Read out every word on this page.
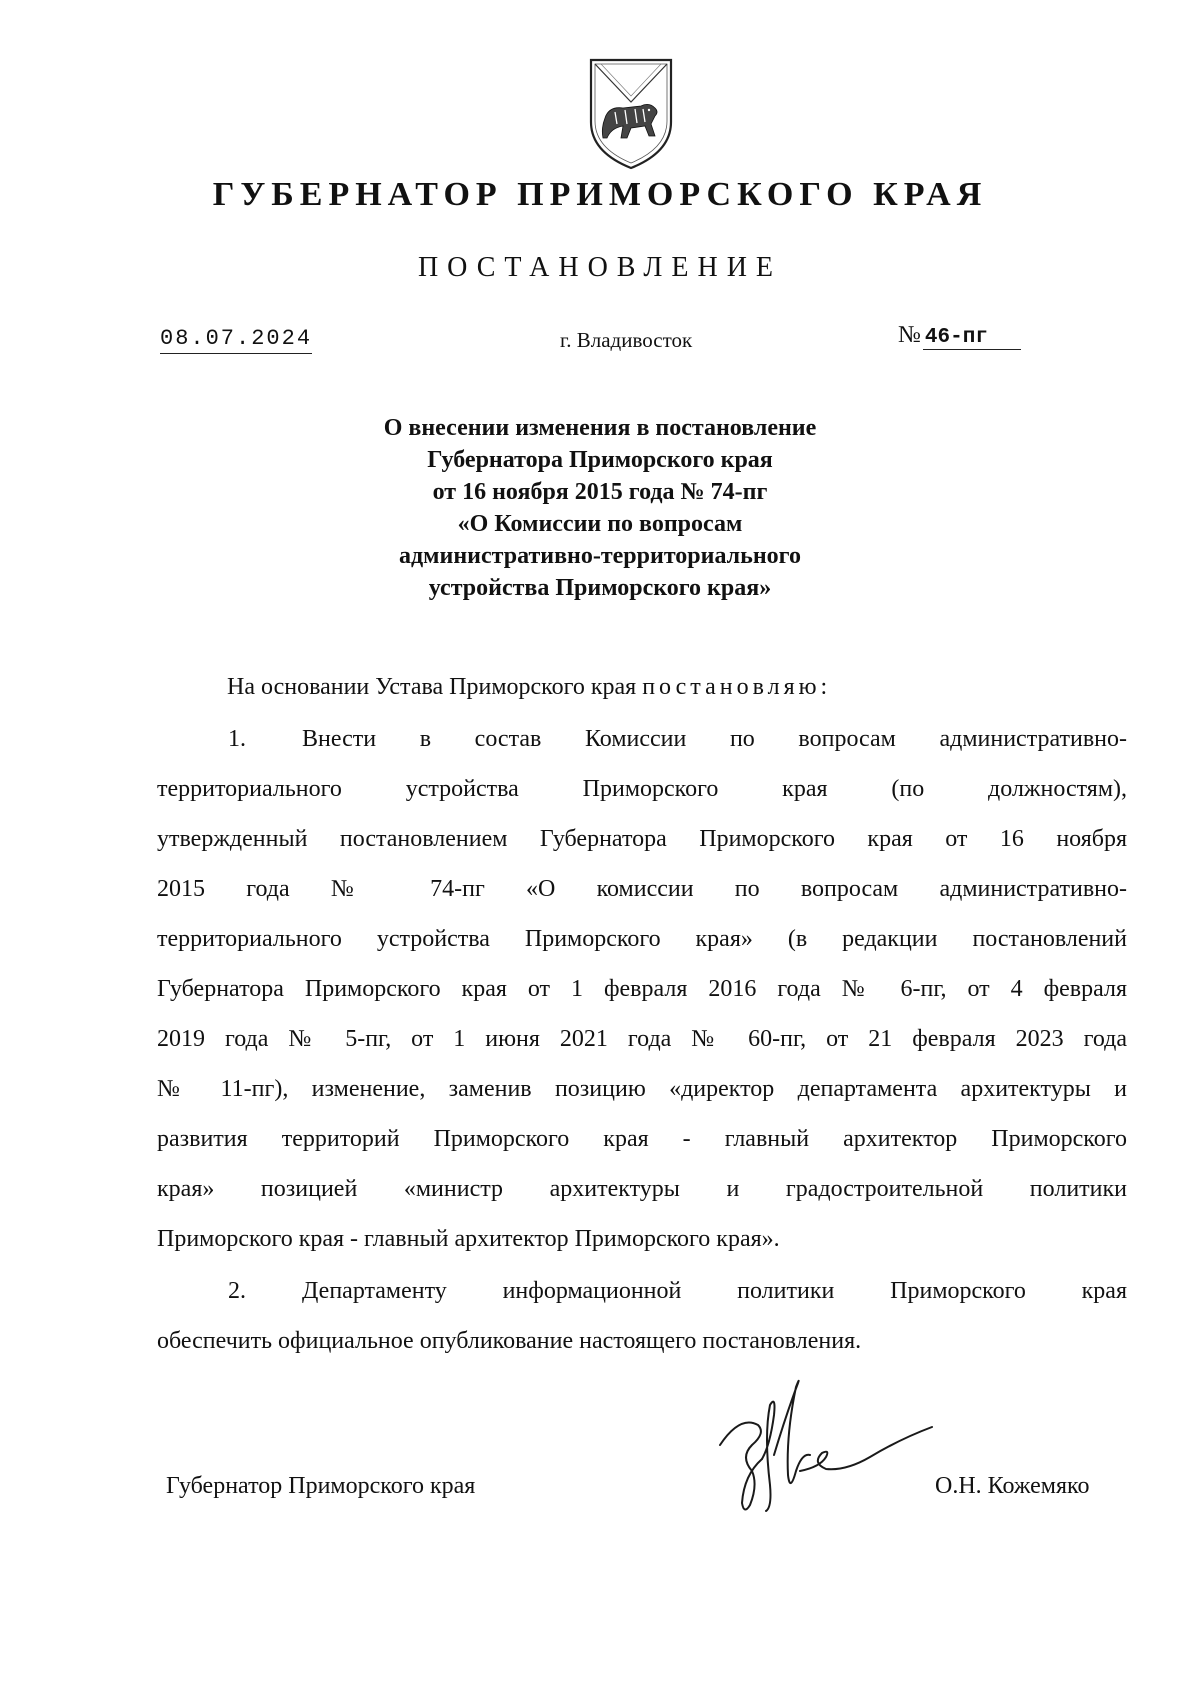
ГУБЕРНАТОР ПРИМОРСКОГО КРАЯ
ПОСТАНОВЛЕНИЕ
08.07.2024	г. Владивосток	№ 46-пг
О внесении изменения в постановление
Губернатора Приморского края
от 16 ноября 2015 года № 74-пг
«О Комиссии по вопросам
административно-территориального
устройства Приморского края»
На основании Устава Приморского края постановляю:
1. Внести в состав Комиссии по вопросам административно-
территориального устройства Приморского края (по должностям),
утвержденный постановлением Губернатора Приморского края от 16 ноября
2015 года № 74-пг «О комиссии по вопросам административно-
территориального устройства Приморского края» (в редакции постановлений
Губернатора Приморского края от 1 февраля 2016 года № 6-пг, от 4 февраля
2019 года № 5-пг, от 1 июня 2021 года № 60-пг, от 21 февраля 2023 года
№ 11-пг), изменение, заменив позицию «директор департамента архитектуры и
развития территорий Приморского края - главный архитектор Приморского
края» позицией «министр архитектуры и градостроительной политики
Приморского края - главный архитектор Приморского края».
2. Департаменту информационной политики Приморского края
обеспечить официальное опубликование настоящего постановления.
Губернатор Приморского края	О.Н. Кожемяко
